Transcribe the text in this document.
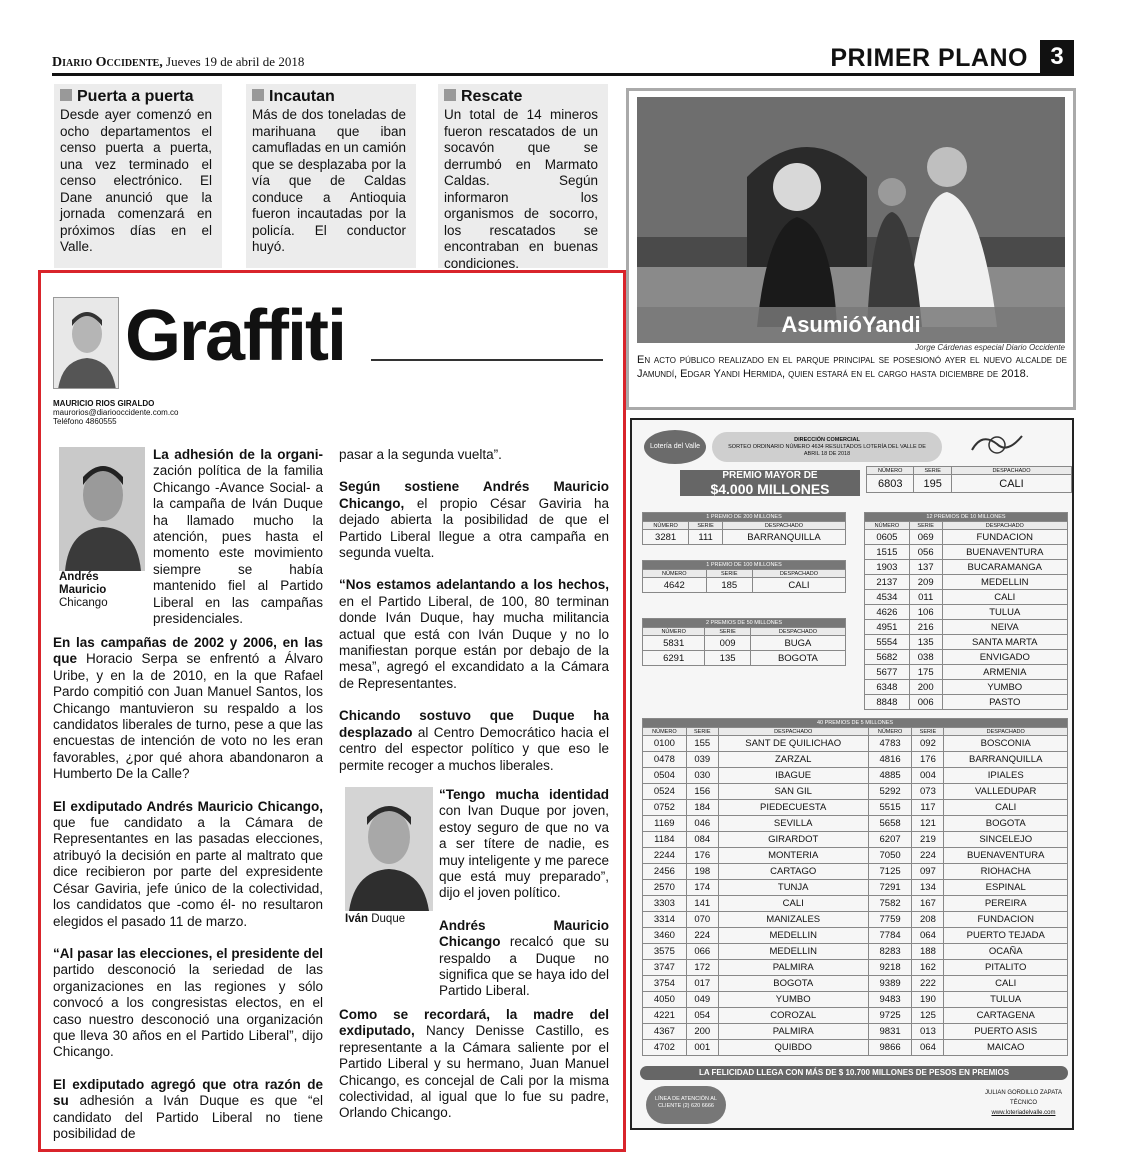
Diario Occidente, Jueves 19 de abril de 2018	PRIMER PLANO 3
Puerta a puerta

Desde ayer comenzó en ocho departamentos el censo puerta a puerta, una vez terminado el censo electrónico. El Dane anunció que la jornada comenzará en próximos días en el Valle.

Incautan

Más de dos toneladas de marihuana que iban camufladas en un camión que se desplazaba por la vía que de Caldas conduce a Antioquia fueron incautadas por la policía. El conductor huyó.

Rescate

Un total de 14 mineros fueron rescatados de un socavón que se derrumbó en Marmato Caldas. Según informaron los organismos de socorro, los rescatados se encontraban en buenas condiciones.

AsumióYandi
Jorge Cárdenas especial Diario Occidente
En acto público realizado en el parque principal se posesionó ayer el nuevo alcalde de Jamundí, Edgar Yandi Hermida, quien estará en el cargo hasta diciembre de 2018.
Graffiti
MAURICIO RIOS GIRALDO
maurorios@diariooccidente.com.co
Teléfono 4860555
Andrés Mauricio
Chicango

La adhesión de la organi- zación política de la familia Chicango -Avance Social- a la campaña de Iván Duque ha llamado mucho la atención, pues hasta el momento este movimiento siempre se había mantenido fiel al Partido Liberal en las campañas presidenciales.

En las campañas de 2002 y 2006, en las que Horacio Serpa se enfrentó a Álvaro Uribe, y en la de 2010, en la que Rafael Pardo compitió con Juan Manuel Santos, los Chicango mantuvieron su respaldo a los candidatos liberales de turno, pese a que las encuestas de intención de voto no les eran favorables, ¿por qué ahora abandonaron a Humberto De la Calle?

El exdiputado Andrés Mauricio Chicango, que fue candidato a la Cámara de Representantes en las pasadas elecciones, atribuyó la decisión en parte al maltrato que dice recibieron por parte del expresidente César Gaviria, jefe único de la colectividad, los candidatos que -como él- no resultaron elegidos el pasado 11 de marzo.

“Al pasar las elecciones, el presidente del partido desconoció la seriedad de las organizaciones en las regiones y sólo convocó a los congresistas electos, en el caso nuestro desconoció una organización que lleva 30 años en el Partido Liberal”, dijo Chicango.

El exdiputado agregó que otra razón de su adhesión a Iván Duque es que “el candidato del Partido Liberal no tiene posibilidad de

pasar a la segunda vuelta”.

Según sostiene Andrés Mauricio Chicango, el propio César Gaviria ha dejado abierta la posibilidad de que el Partido Liberal llegue a otra campaña en segunda vuelta.

“Nos estamos adelantando a los hechos, en el Partido Liberal, de 100, 80 terminan donde Iván Duque, hay mucha militancia actual que está con Iván Duque y no lo manifiestan porque están por debajo de la mesa”, agregó el excandidato a la Cámara de Representantes.

Chicando sostuvo que Duque ha desplazado al Centro Democrático hacia el centro del espector político y que eso le permite recoger a muchos liberales.

Iván Duque

“Tengo mucha identidad con Ivan Duque por joven, estoy seguro de que no va a ser títere de nadie, es muy inteligente y me parece que está muy preparado”, dijo el joven político.

Andrés Mauricio Chicango recalcó que su respaldo a Duque no significa que se haya ido del Partido Liberal.

Como se recordará, la madre del exdiputado, Nancy Denisse Castillo, es representante a la Cámara saliente por el Partido Liberal y su hermano, Juan Manuel Chicango, es concejal de Cali por la misma colectividad, al igual que lo fue su padre, Orlando Chicango.

Lotería del Valle
DIRECCIÓN COMERCIAL
SORTEO ORDINARIO NÚMERO 4634 RESULTADOS LOTERÍA DEL VALLE DE
ABRIL 18 DE 2018
PREMIO MAYOR DE
$4.000 MILLONES
NÚMERO	SERIE	DESPACHADO
6803	195	CALI
1 PREMIO DE 200 MILLONES		
NÚMERO	SERIE	DESPACHADO
3281	111	BARRANQUILLA
1 PREMIO DE 100 MILLONES		
NÚMERO	SERIE	DESPACHADO
4642	185	CALI
2 PREMIOS DE 50 MILLONES		
NÚMERO	SERIE	DESPACHADO
5831	009	BUGA
6291	135	BOGOTA
12 PREMIOS DE 10 MILLONES		
NÚMERO	SERIE	DESPACHADO
0605	069	FUNDACION
1515	056	BUENAVENTURA
1903	137	BUCARAMANGA
2137	209	MEDELLIN
4534	011	CALI
4626	106	TULUA
4951	216	NEIVA
5554	135	SANTA MARTA
5682	038	ENVIGADO
5677	175	ARMENIA
6348	200	YUMBO
8848	006	PASTO
40 PREMIOS DE 5 MILLONES					
NÚMERO	SERIE	DESPACHADO	NÚMERO	SERIE	DESPACHADO
0100	155	SANT DE QUILICHAO	4783	092	BOSCONIA
0478	039	ZARZAL	4816	176	BARRANQUILLA
0504	030	IBAGUE	4885	004	IPIALES
0524	156	SAN GIL	5292	073	VALLEDUPAR
0752	184	PIEDECUESTA	5515	117	CALI
1169	046	SEVILLA	5658	121	BOGOTA
1184	084	GIRARDOT	6207	219	SINCELEJO
2244	176	MONTERIA	7050	224	BUENAVENTURA
2456	198	CARTAGO	7125	097	RIOHACHA
2570	174	TUNJA	7291	134	ESPINAL
3303	141	CALI	7582	167	PEREIRA
3314	070	MANIZALES	7759	208	FUNDACION
3460	224	MEDELLIN	7784	064	PUERTO TEJADA
3575	066	MEDELLIN	8283	188	OCAÑA
3747	172	PALMIRA	9218	162	PITALITO
3754	017	BOGOTA	9389	222	CALI
4050	049	YUMBO	9483	190	TULUA
4221	054	COROZAL	9725	125	CARTAGENA
4367	200	PALMIRA	9831	013	PUERTO ASIS
4702	001	QUIBDO	9866	064	MAICAO
LA FELICIDAD LLEGA CON MÁS DE $ 10.700 MILLONES DE PESOS EN PREMIOS
LÍNEA DE ATENCIÓN AL CLIENTE (2) 620 6666
JULIAN GORDILLO ZAPATA
TÉCNICO
www.loteriadelvalle.com
